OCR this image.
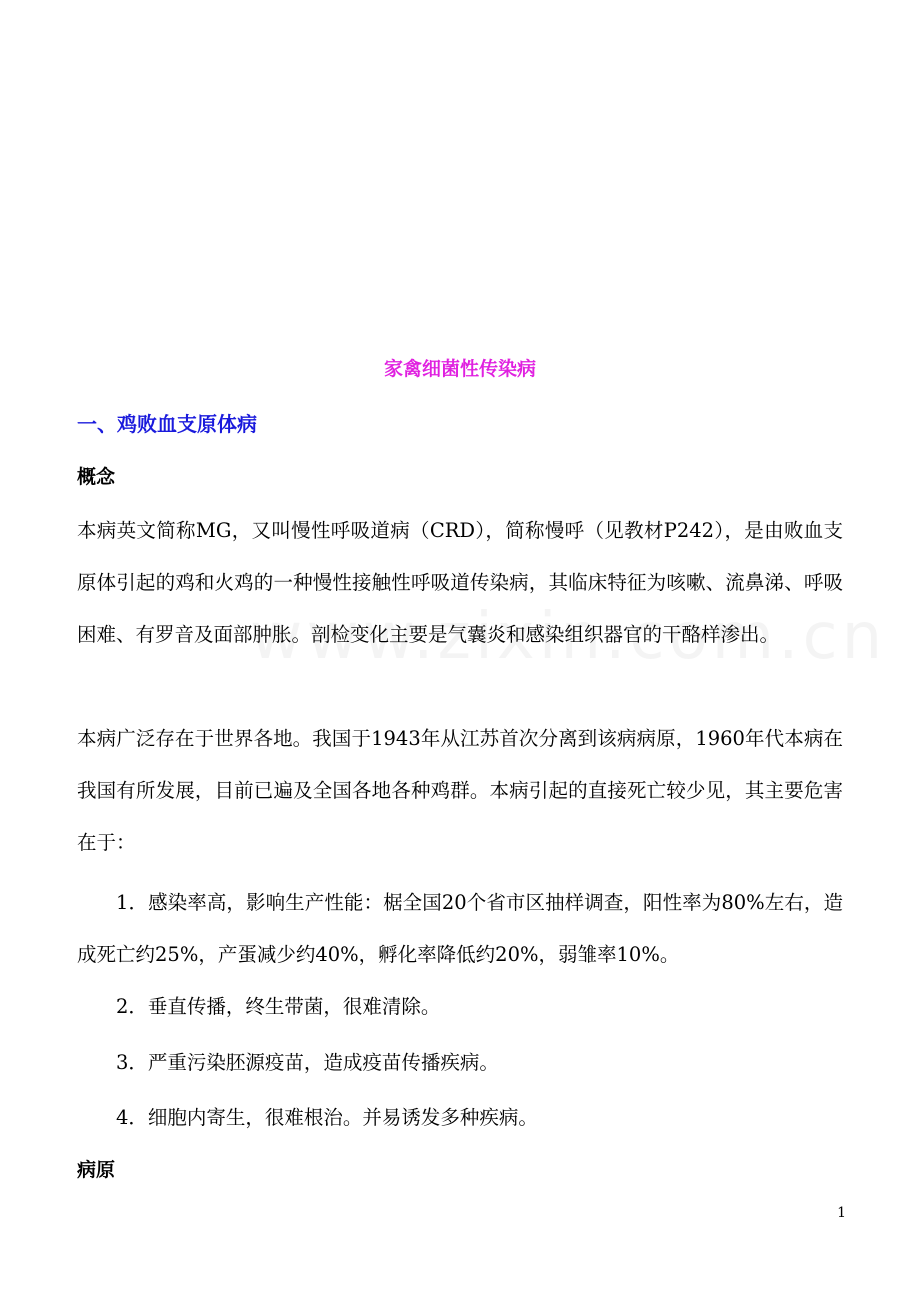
家禽细菌性传染病
一、鸡败血支原体病
概念

本病英文简称MG，又叫慢性呼吸道病（CRD），简称慢呼（见教材P242），是由败血支原体引起的鸡和火鸡的一种慢性接触性呼吸道传染病，其临床特征为咳嗽、流鼻涕、呼吸困难、有罗音及面部肿胀。剖检变化主要是气囊炎和感染组织器官的干酪样渗出。

本病广泛存在于世界各地。我国于1943年从江苏首次分离到该病病原，1960年代本病在我国有所发展，目前已遍及全国各地各种鸡群。本病引起的直接死亡较少见，其主要危害在于：

1．感染率高，影响生产性能：椐全国20个省市区抽样调查，阳性率为80%左右，造成死亡约25%，产蛋减少约40%，孵化率降低约20%，弱雏率10%。

2．垂直传播，终生带菌，很难清除。

3．严重污染胚源疫苗，造成疫苗传播疾病。

4．细胞内寄生，很难根治。并易诱发多种疾病。

病原
1
